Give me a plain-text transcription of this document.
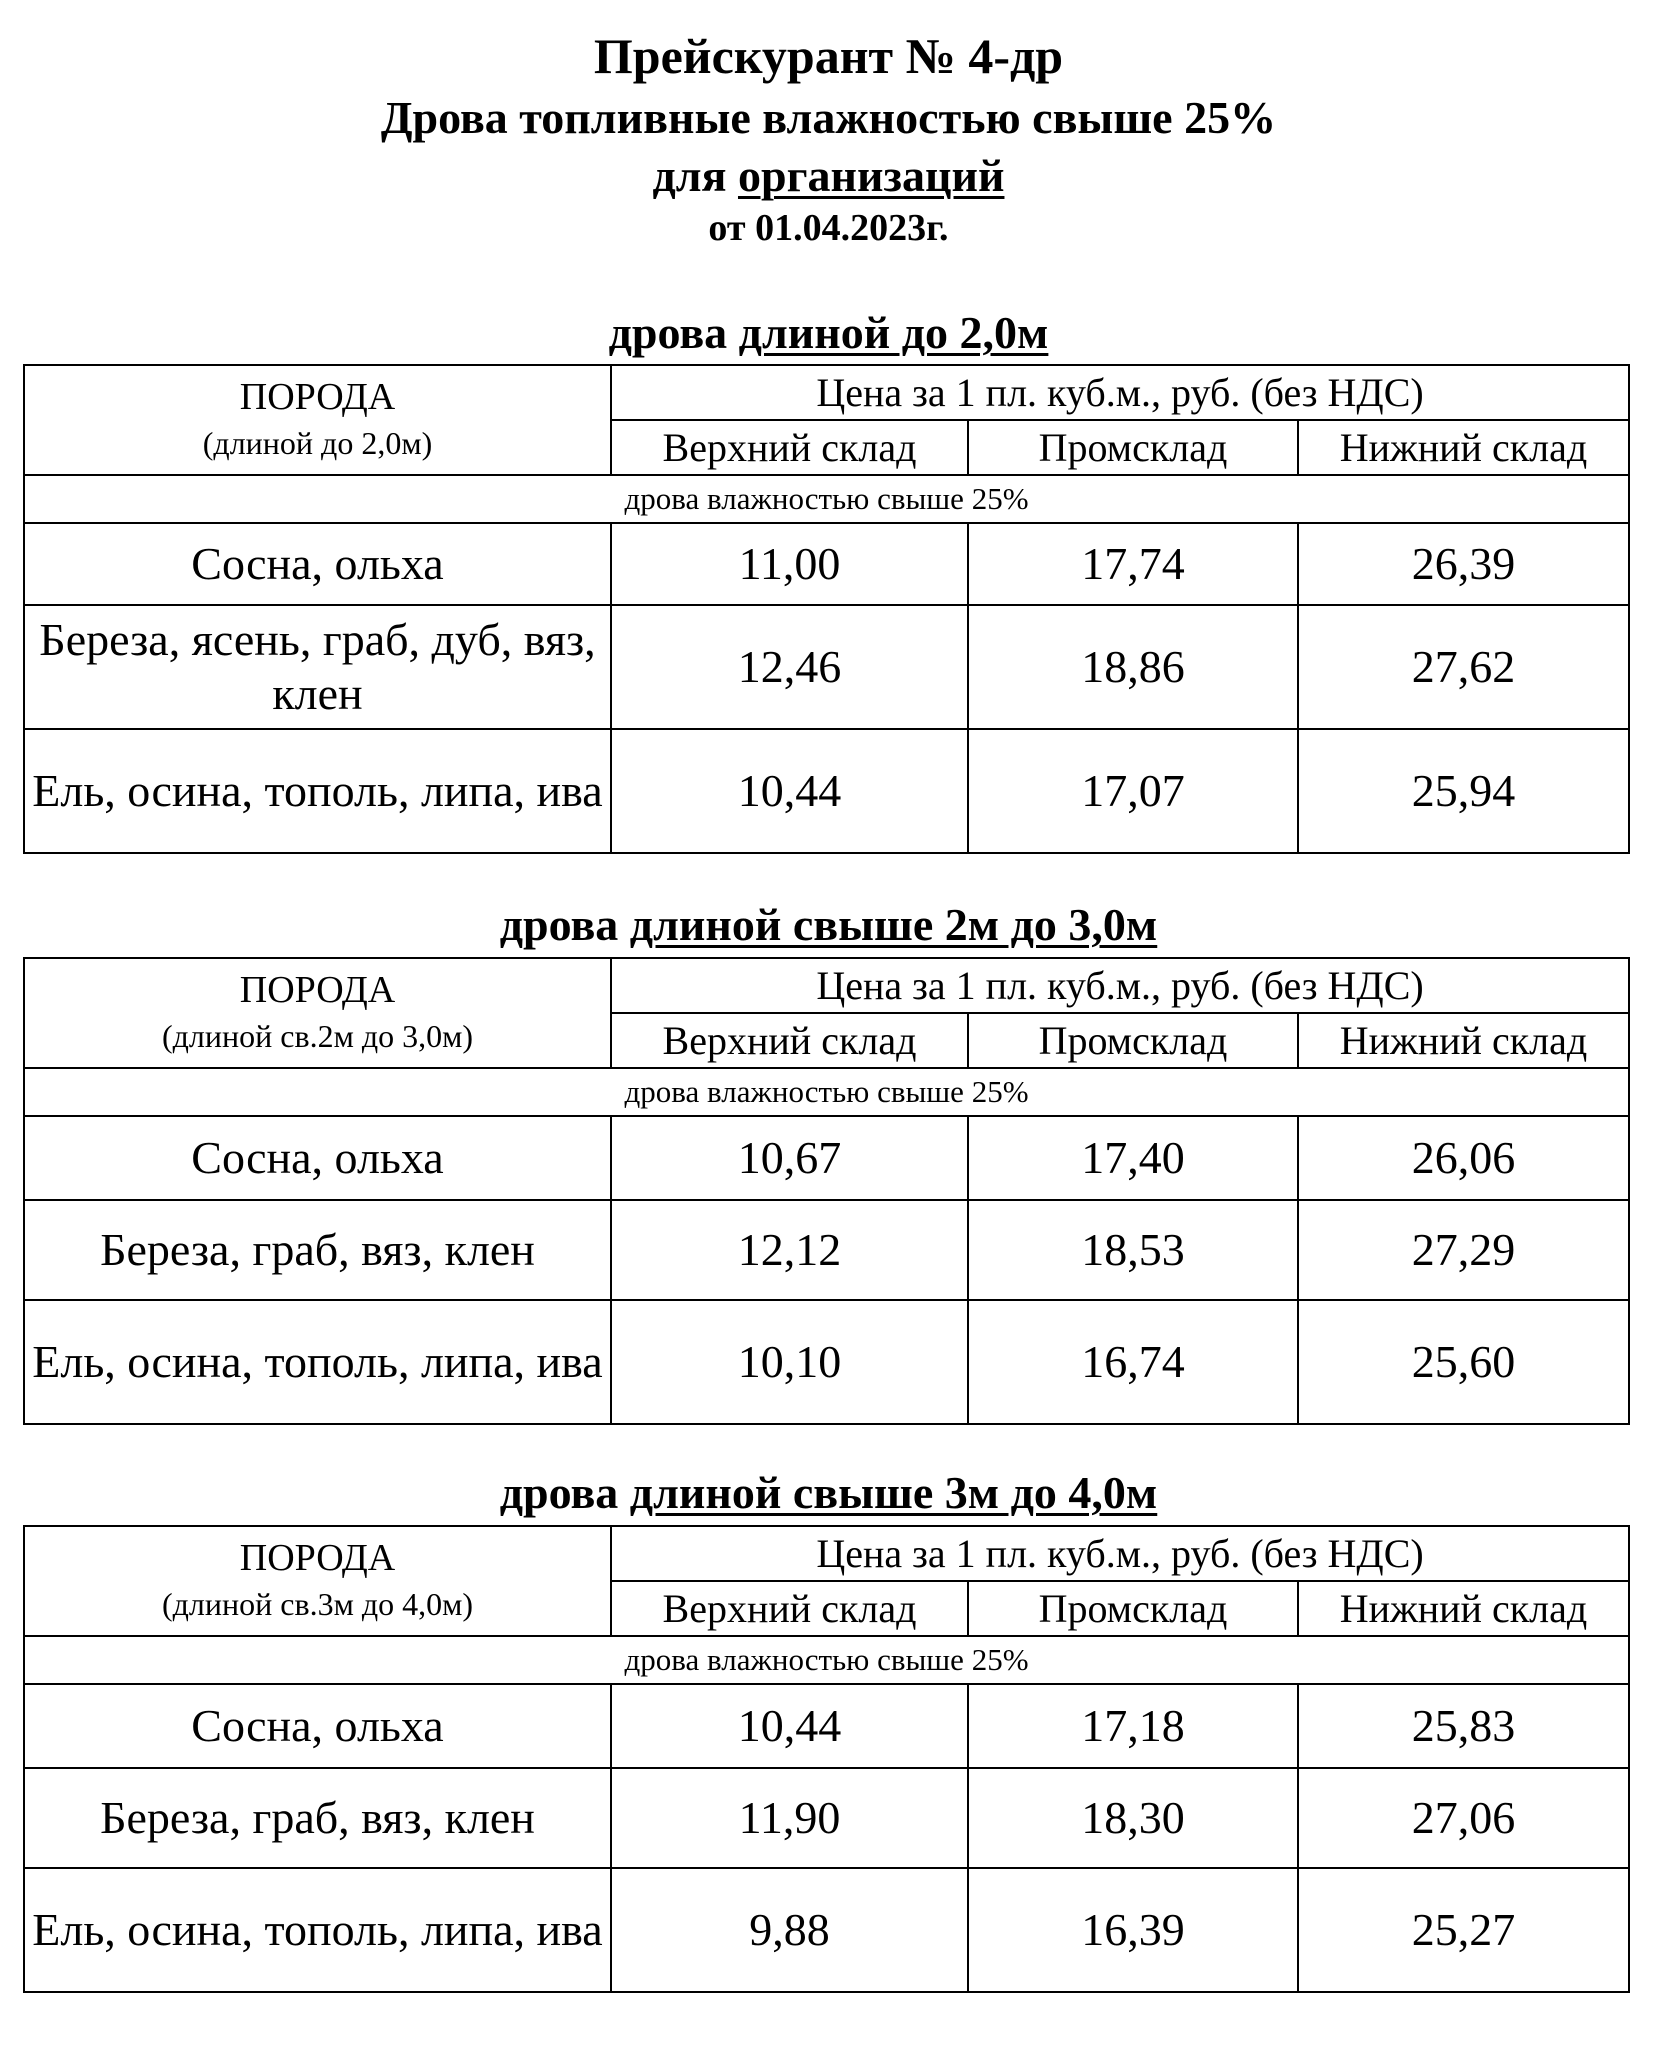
Прейскурант № 4-др
Дрова топливные влажностью свыше 25%
для организаций
от 01.04.2023г.
дрова длиной до 2,0м
ПОРОДА
(длиной до 2,0м)	Цена за 1 пл. куб.м., руб. (без НДС)		
	Верхний склад	Промсклад	Нижний склад
дрова влажностью свыше 25%			
Сосна, ольха	11,00	17,74	26,39
Береза, ясень, граб, дуб, вяз, клен	12,46	18,86	27,62
Ель, осина, тополь, липа, ива	10,44	17,07	25,94
дрова длиной свыше 2м до 3,0м
ПОРОДА
(длиной св.2м до 3,0м)	Цена за 1 пл. куб.м., руб. (без НДС)		
	Верхний склад	Промсклад	Нижний склад
дрова влажностью свыше 25%			
Сосна, ольха	10,67	17,40	26,06
Береза, граб, вяз, клен	12,12	18,53	27,29
Ель, осина, тополь, липа, ива	10,10	16,74	25,60
дрова длиной свыше 3м до 4,0м
ПОРОДА
(длиной св.3м до 4,0м)	Цена за 1 пл. куб.м., руб. (без НДС)		
	Верхний склад	Промсклад	Нижний склад
дрова влажностью свыше 25%			
Сосна, ольха	10,44	17,18	25,83
Береза, граб, вяз, клен	11,90	18,30	27,06
Ель, осина, тополь, липа, ива	9,88	16,39	25,27
